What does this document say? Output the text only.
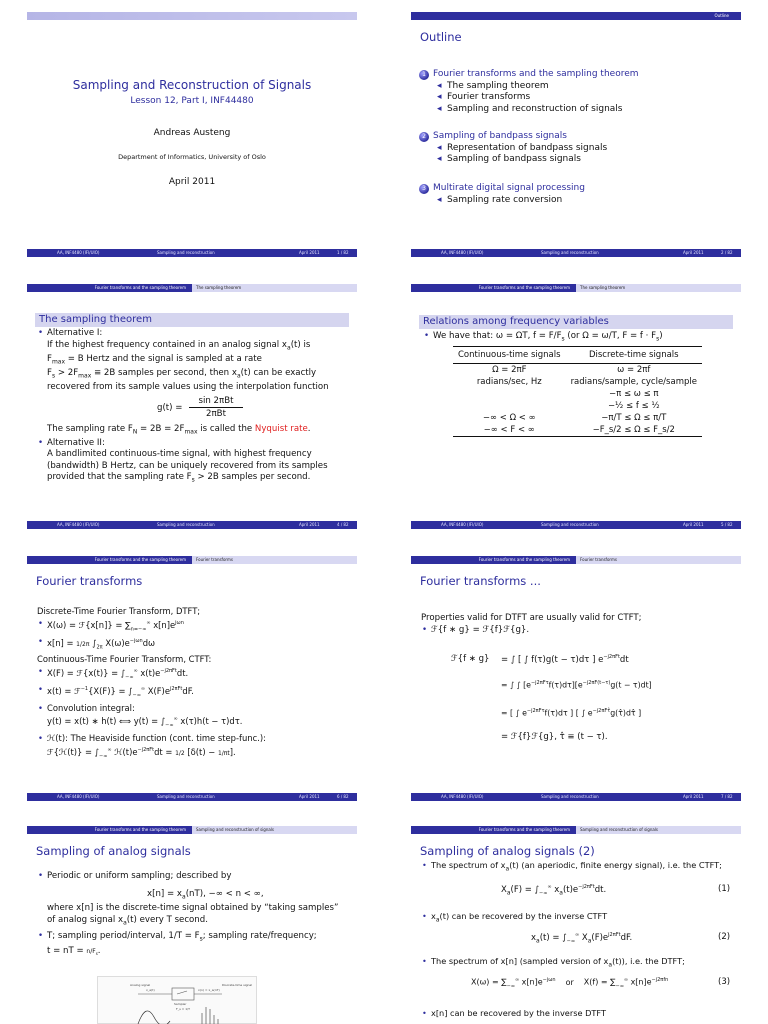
Sampling and Reconstruction of Signals
Lesson 12, Part I, INF44480
Andreas Austeng
Department of Informatics, University of Oslo
April 2011
AA, INF4480 (IFI/UIO)	Sampling and reconstruction	April 2011	1 / 82
Outline
Outline
1 Fourier transforms and the sampling theorem
◂ The sampling theorem
◂ Fourier transforms
◂ Sampling and reconstruction of signals
2 Sampling of bandpass signals
◂ Representation of bandpass signals
◂ Sampling of bandpass signals
3 Multirate digital signal processing
◂ Sampling rate conversion
AA, INF4480 (IFI/UIO)	Sampling and reconstruction	April 2011	2 / 82
Fourier transforms and the sampling theorem	The sampling theorem
The sampling theorem
• Alternative I:
If the highest frequency contained in an analog signal $x_a(t)$ is
$F_{max} = B$ Hertz and the signal is sampled at a rate
$F_s > 2F_{max} \equiv 2B$ samples per second, then $x_a(t)$ can be exactly
recovered from its sample values using the interpolation function
g(t) =
sin 2πBt
2πBt
The sampling rate $F_N = 2B = 2F_{max}$ is called the Nyquist rate.
• Alternative II:
A bandlimited continuous-time signal, with highest frequency
(bandwidth) B Hertz, can be uniquely recovered from its samples
provided that the sampling rate $F_s > 2B$ samples per second.
AA, INF4480 (IFI/UIO)	Sampling and reconstruction	April 2011	4 / 82
Fourier transforms and the sampling theorem	The sampling theorem
Relations among frequency variables
• We have that: ω = ΩT, $f = F/F_s$ (or Ω = ω/T, $F = f \cdot F_s$)
Continuous-time signals	Discrete-time signals
Ω = 2πF	ω = 2πf
radians/sec, Hz	radians/sample, cycle/sample
	−π ≤ ω ≤ π
	−½ ≤ f ≤ ½
−∞ < Ω < ∞	−π/T ≤ Ω ≤ π/T
−∞ < F < ∞	−F_s/2 ≤ Ω ≤ F_s/2
AA, INF4480 (IFI/UIO)	Sampling and reconstruction	April 2011	5 / 82
Fourier transforms and the sampling theorem	Fourier transforms
Fourier transforms
Discrete-Time Fourier Transform, DTFT;
• X(ω) = ℱ{x[n]} = $\sum_{n=-\infty}^\infty$ $x[n]e^{j\omega n}$
• x[n] = 1/2π $\int_{2\pi}$ $X(\omega)e^{-j\omega n}d\omega$
Continuous-Time Fourier Transform, CTFT:
• X(F) = ℱ{x(t)} = $\int_{-\infty}^\infty$ $x(t)e^{-j2\pi Ft}dt$.
• x(t) = ℱ$^{-1}${X(F)} = $\int_{-\infty}^\infty$ $X(F)e^{j2\pi Ft}dF$.
• Convolution integral:
y(t) = x(t) ∗ h(t) ⟺ $y(t) = \int_{-\infty}^\infty$ x(τ)h(t − τ)dτ.
• ℋ(t): The Heaviside function (cont. time step-func.):
ℱ{ℋ(t)} = $\int_{-\infty}^\infty$ $ℋ(t)e^{-j2\pi Ft}dt = 1/2$ [δ(t) − 1/πt].
AA, INF4480 (IFI/UIO)	Sampling and reconstruction	April 2011	6 / 82
Fourier transforms and the sampling theorem	Fourier transforms
Fourier transforms ...
Properties valid for DTFT are usually valid for CTFT;
• ℱ{f ∗ g} = ℱ{f}ℱ{g}.
ℱ{f ∗ g} = ∫ [ ∫ f(τ)g(t − τ)dτ ] $e^{-j2\pi Ft}dt$
= ∫ ∫ $[e^{-j2\pi F\tau}f(\tau)d\tau][e^{-j2\pi F(t-\tau)}g(t - \tau)dt]$
= [ ∫ $e^{-j2\pi F\tau}f(\tau)d\tau$ ] [ ∫ $e^{-j2\pi F\taû}g(\taû)d\taû$ ]
= ℱ{f}ℱ{g}, τ̂ ≡ (t − τ).
AA, INF4480 (IFI/UIO)	Sampling and reconstruction	April 2011	7 / 82
Fourier transforms and the sampling theorem	Sampling and reconstruction of signals
Sampling of analog signals
• Periodic or uniform sampling; described by
$x[n] = x_a(nT)$, −∞ < n < ∞,
where x[n] is the discrete-time signal obtained by “taking samples”
of analog signal $x_a(t)$ every T second.
• T; sampling period/interval, $1/T = F_s$; sampling rate/frequency;
t = nT = $n/F_s$.
Analog signal
x_a(t)
Sampler
x(n) = x_a(nT)
Discrete-time signal
F_s = 1/T
Fourier transforms and the sampling theorem	Sampling and reconstruction of signals
Sampling of analog signals (2)
• The spectrum of $x_a(t)$ (an aperiodic, finite energy signal), i.e. the CTFT;
$X_a(F) = \int_{-\infty}^\infty$ $x_a(t)e^{-j2\pi Ft}dt$.	(1)
• $x_a(t)$ can be recovered by the inverse CTFT
$x_a(t) = \int_{-\infty}^\infty$ $X_a(F)e^{j2\pi Ft}dF$.	(2)
• The spectrum of x[n] (sampled version of $x_a(t)$), i.e. the DTFT;
$X(\omega) = \sum_{-\infty}^\infty$ $x[n]e^{-j\omega n}$ or $X(f) = \sum_{-\infty}^\infty$ $x[n]e^{-j2\pi fn}$	(3)
• x[n] can be recovered by the inverse DTFT
